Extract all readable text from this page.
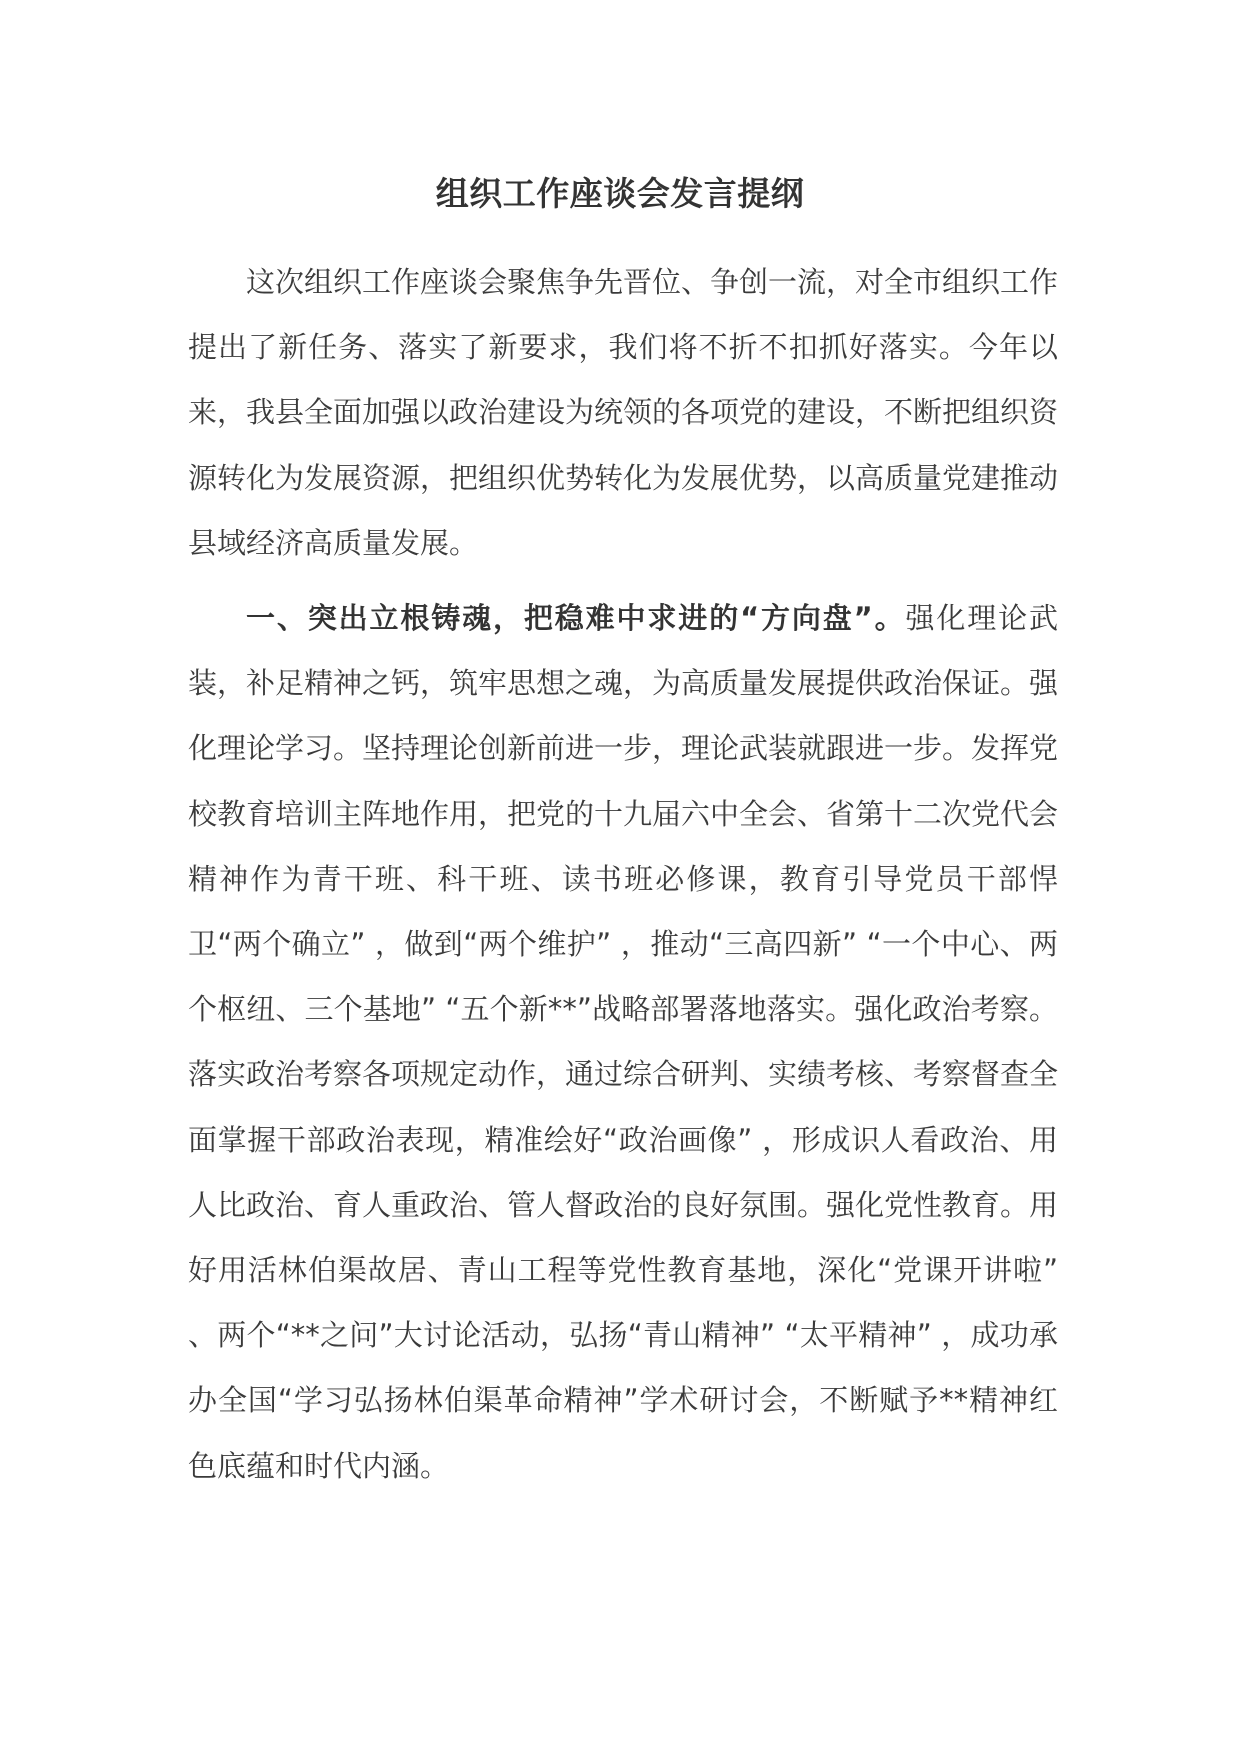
组织工作座谈会发言提纲

这次组织工作座谈会聚焦争先晋位、争创一流，对全市组织工作提出了新任务、落实了新要求，我们将不折不扣抓好落实。今年以来，我县全面加强以政治建设为统领的各项党的建设，不断把组织资源转化为发展资源，把组织优势转化为发展优势，以高质量党建推动县域经济高质量发展。

一、突出立根铸魂，把稳难中求进的“方向盘”。强化理论武装，补足精神之钙，筑牢思想之魂，为高质量发展提供政治保证。强化理论学习。坚持理论创新前进一步，理论武装就跟进一步。发挥党校教育培训主阵地作用，把党的十九届六中全会、省第十二次党代会精神作为青干班、科干班、读书班必修课，教育引导党员干部悍卫“两个确立” ，做到“两个维护” ，推动“三高四新” “一个中心、两个枢纽、三个基地” “五个新**”战略部署落地落实。强化政治考察。落实政治考察各项规定动作，通过综合研判、实绩考核、考察督查全面掌握干部政治表现，精准绘好“政治画像” ，形成识人看政治、用人比政治、育人重政治、管人督政治的良好氛围。强化党性教育。用好用活林伯渠故居、青山工程等党性教育基地，深化“党课开讲啦” 、两个“**之问”大讨论活动，弘扬“青山精神” “太平精神” ，成功承办全国“学习弘扬林伯渠革命精神”学术研讨会，不断赋予**精神红色底蕴和时代内涵。
